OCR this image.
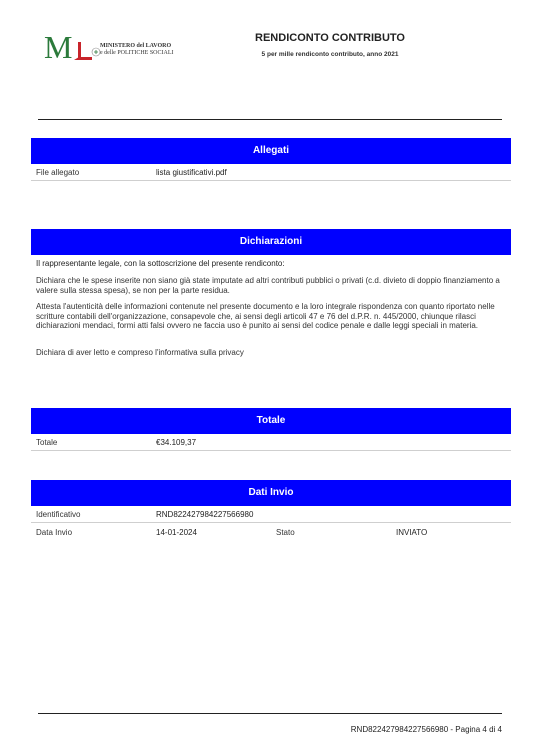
M	MINISTERO del LAVORO
e delle POLITICHE SOCIALI
RENDICONTO CONTRIBUTO
5 per mille rendiconto contributo, anno 2021
Allegati
File allegato	lista giustificativi.pdf
Dichiarazioni
Il rappresentante legale, con la sottoscrizione del presente rendiconto:
Dichiara che le spese inserite non siano già state imputate ad altri contributi pubblici o privati (c.d. divieto di doppio finanziamento a valere sulla stessa spesa), se non per la parte residua.
Attesta l'autenticità delle informazioni contenute nel presente documento e la loro integrale rispondenza con quanto riportato nelle scritture contabili dell'organizzazione, consapevole che, ai sensi degli articoli 47 e 76 del d.P.R. n. 445/2000, chiunque rilasci dichiarazioni mendaci, formi atti falsi ovvero ne faccia uso è punito ai sensi del codice penale e dalle leggi speciali in materia.
Dichiara di aver letto e compreso l'informativa sulla privacy
Totale
Totale	€34.109,37
Dati Invio
Identificativo	RND822427984227566980
Data Invio	14-01-2024	Stato	INVIATO
RND822427984227566980 - Pagina 4 di 4
